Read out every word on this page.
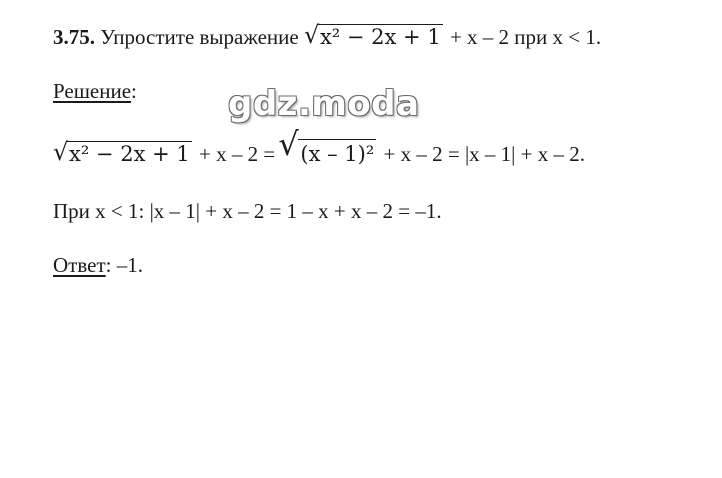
3.75. Упростите выражение √ x² − 2x + 1 + x – 2 при x < 1.
Решение:	gdz.moda
√ x² − 2x + 1 + x – 2 = √ (x – 1)² + x – 2 = |x – 1| + x – 2.
При x < 1: |x – 1| + x – 2 = 1 – x + x – 2 = –1.
Ответ: –1.
